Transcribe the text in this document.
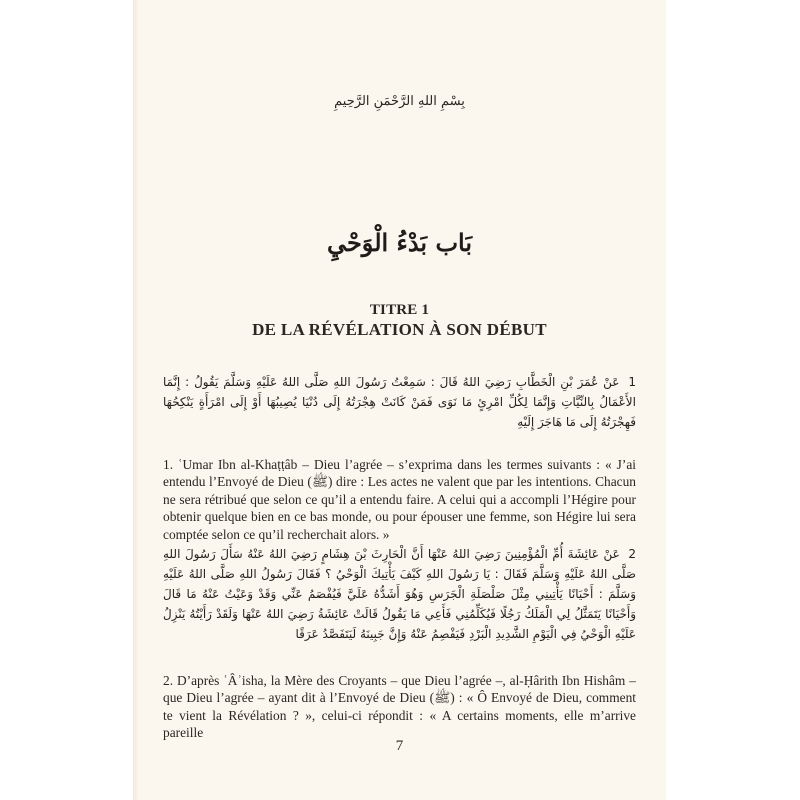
بِسْمِ اللهِ الرَّحْمَنِ الرَّحِيمِ
بَاب بَدْءُ الْوَحْيِ
TITRE 1
DE LA RÉVÉLATION À SON DÉBUT
1 عَنْ عُمَرَ بْنِ الْخَطَّابِ رَضِيَ اللهُ قَالَ : سَمِعْتُ رَسُولَ اللهِ صَلَّى اللهُ عَلَيْهِ وَسَلَّمَ يَقُولُ : إِنَّمَا الأَعْمَالُ بِالنِّيَّاتِ وَإِنَّمَا لِكُلِّ امْرِئٍ مَا نَوَى فَمَنْ كَانَتْ هِجْرَتُهُ إِلَى دُنْيَا يُصِيبُهَا أَوْ إِلَى امْرَأَةٍ يَنْكِحُهَا فَهِجْرَتُهُ إِلَى مَا هَاجَرَ إِلَيْهِ
1. ʿUmar Ibn al-Khaṭṭâb – Dieu l’agrée – s’exprima dans les termes suivants : « J’ai entendu l’Envoyé de Dieu (ﷺ) dire : Les actes ne valent que par les intentions. Chacun ne sera rétribué que selon ce qu’il a entendu faire. A celui qui a accompli l’Hégire pour obtenir quelque bien en ce bas monde, ou pour épouser une femme, son Hégire lui sera comptée selon ce qu’il recherchait alors. »
2 عَنْ عَائِشَةَ أُمِّ الْمُؤْمِنِينَ رَضِيَ اللهُ عَنْهَا أَنَّ الْحَارِثَ بْنَ هِشَامٍ رَضِيَ اللهُ عَنْهُ سَأَلَ رَسُولَ اللهِ صَلَّى اللهُ عَلَيْهِ وَسَلَّمَ فَقَالَ : يَا رَسُولَ اللهِ كَيْفَ يَأْتِيكَ الْوَحْيُ ؟ فَقَالَ رَسُولُ اللهِ صَلَّى اللهُ عَلَيْهِ وَسَلَّمَ : أَحْيَانًا يَأْتِينِي مِثْلَ صَلْصَلَةِ الْجَرَسِ وَهُوَ أَشَدُّهُ عَلَيَّ فَيُفْصَمُ عَنِّي وَقَدْ وَعَيْتُ عَنْهُ مَا قَالَ وَأَحْيَانًا يَتَمَثَّلُ لِي الْمَلَكُ رَجُلًا فَيُكَلِّمُنِي فَأَعِي مَا يَقُولُ قَالَتْ عَائِشَةُ رَضِيَ اللهُ عَنْهَا وَلَقَدْ رَأَيْتُهُ يَنْزِلُ عَلَيْهِ الْوَحْيُ فِي الْيَوْمِ الشَّدِيدِ الْبَرْدِ فَيَفْصِمُ عَنْهُ وَإِنَّ جَبِينَهُ لَيَتَفَصَّدُ عَرَقًا
2. D’après ʿÂʾisha, la Mère des Croyants – que Dieu l’agrée –, al-Ḥârith Ibn Hishâm – que Dieu l’agrée – ayant dit à l’Envoyé de Dieu (ﷺ) : « Ô Envoyé de Dieu, comment te vient la Révélation ? », celui-ci répondit : « A certains moments, elle m’arrive pareille
7
